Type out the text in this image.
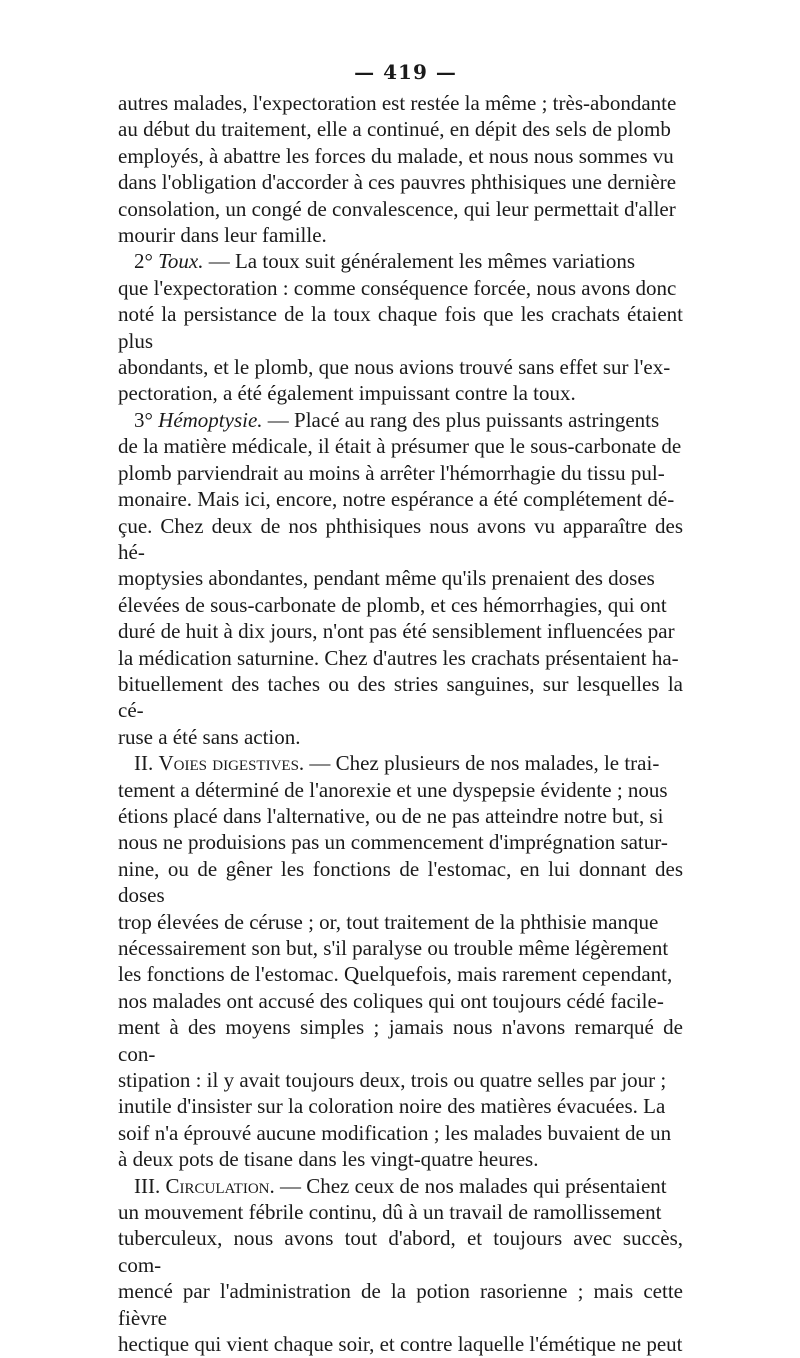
— 419 —

autres malades, l'expectoration est restée la même ; très-abondante
au début du traitement, elle a continué, en dépit des sels de plomb
employés, à abattre les forces du malade, et nous nous sommes vu
dans l'obligation d'accorder à ces pauvres phthisiques une dernière
consolation, un congé de convalescence, qui leur permettait d'aller
mourir dans leur famille.

2° Toux. — La toux suit généralement les mêmes variations
que l'expectoration : comme conséquence forcée, nous avons donc
noté la persistance de la toux chaque fois que les crachats étaient plus
abondants, et le plomb, que nous avions trouvé sans effet sur l'ex-
pectoration, a été également impuissant contre la toux.

3° Hémoptysie. — Placé au rang des plus puissants astringents
de la matière médicale, il était à présumer que le sous-carbonate de
plomb parviendrait au moins à arrêter l'hémorrhagie du tissu pul-
monaire. Mais ici, encore, notre espérance a été complétement dé-
çue. Chez deux de nos phthisiques nous avons vu apparaître des hé-
moptysies abondantes, pendant même qu'ils prenaient des doses
élevées de sous-carbonate de plomb, et ces hémorrhagies, qui ont
duré de huit à dix jours, n'ont pas été sensiblement influencées par
la médication saturnine. Chez d'autres les crachats présentaient ha-
bituellement des taches ou des stries sanguines, sur lesquelles la cé-
ruse a été sans action.

II. Voies digestives. — Chez plusieurs de nos malades, le trai-
tement a déterminé de l'anorexie et une dyspepsie évidente ; nous
étions placé dans l'alternative, ou de ne pas atteindre notre but, si
nous ne produisions pas un commencement d'imprégnation satur-
nine, ou de gêner les fonctions de l'estomac, en lui donnant des doses
trop élevées de céruse ; or, tout traitement de la phthisie manque
nécessairement son but, s'il paralyse ou trouble même légèrement
les fonctions de l'estomac. Quelquefois, mais rarement cependant,
nos malades ont accusé des coliques qui ont toujours cédé facile-
ment à des moyens simples ; jamais nous n'avons remarqué de con-
stipation : il y avait toujours deux, trois ou quatre selles par jour ;
inutile d'insister sur la coloration noire des matières évacuées. La
soif n'a éprouvé aucune modification ; les malades buvaient de un
à deux pots de tisane dans les vingt-quatre heures.

III. Circulation. — Chez ceux de nos malades qui présentaient
un mouvement fébrile continu, dû à un travail de ramollissement
tuberculeux, nous avons tout d'abord, et toujours avec succès, com-
mencé par l'administration de la potion rasorienne ; mais cette fièvre
hectique qui vient chaque soir, et contre laquelle l'émétique ne peut
